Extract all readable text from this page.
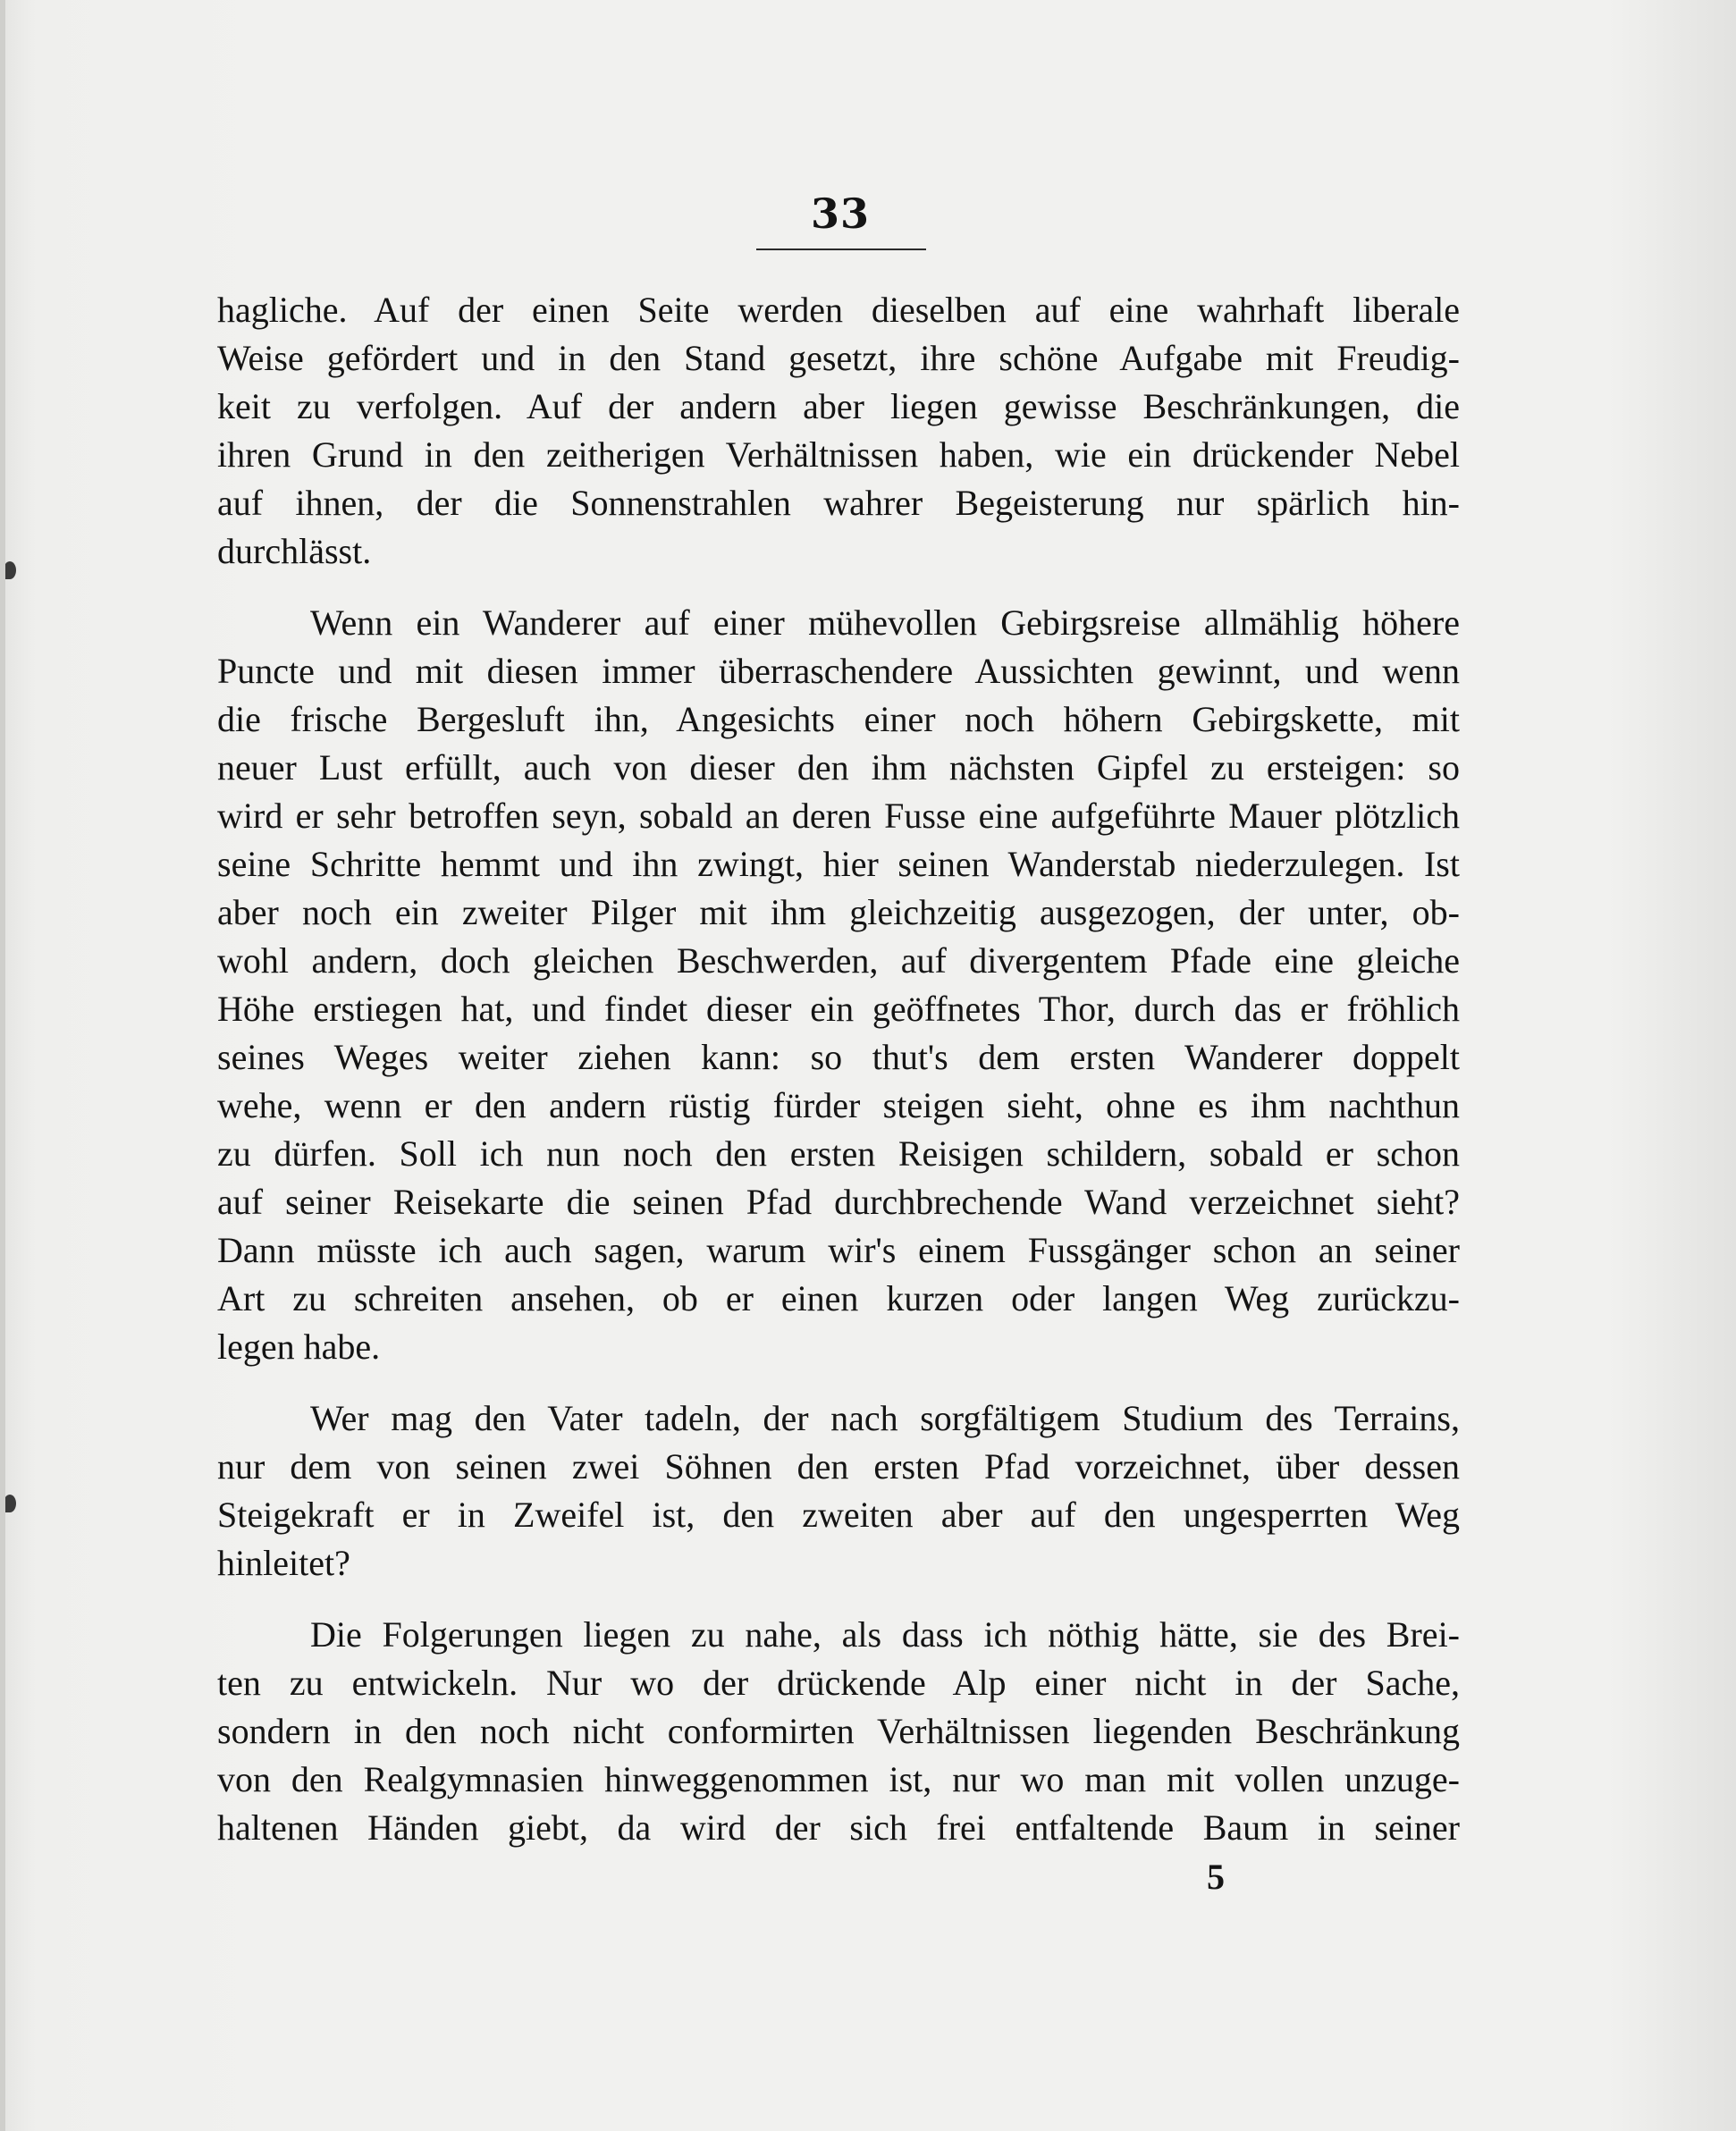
33
hagliche. Auf der einen Seite werden dieselben auf eine wahrhaft liberale
Weise gefördert und in den Stand gesetzt, ihre schöne Aufgabe mit Freudig-
keit zu verfolgen. Auf der andern aber liegen gewisse Beschränkungen, die
ihren Grund in den zeitherigen Verhältnissen haben, wie ein drückender Nebel
auf ihnen, der die Sonnenstrahlen wahrer Begeisterung nur spärlich hin-
durchlässt.
Wenn ein Wanderer auf einer mühevollen Gebirgsreise allmählig höhere
Puncte und mit diesen immer überraschendere Aussichten gewinnt, und wenn
die frische Bergesluft ihn, Angesichts einer noch höhern Gebirgskette, mit
neuer Lust erfüllt, auch von dieser den ihm nächsten Gipfel zu ersteigen: so
wird er sehr betroffen seyn, sobald an deren Fusse eine aufgeführte Mauer plötzlich
seine Schritte hemmt und ihn zwingt, hier seinen Wanderstab niederzulegen. Ist
aber noch ein zweiter Pilger mit ihm gleichzeitig ausgezogen, der unter, ob-
wohl andern, doch gleichen Beschwerden, auf divergentem Pfade eine gleiche
Höhe erstiegen hat, und findet dieser ein geöffnetes Thor, durch das er fröhlich
seines Weges weiter ziehen kann: so thut's dem ersten Wanderer doppelt
wehe, wenn er den andern rüstig fürder steigen sieht, ohne es ihm nachthun
zu dürfen. Soll ich nun noch den ersten Reisigen schildern, sobald er schon
auf seiner Reisekarte die seinen Pfad durchbrechende Wand verzeichnet sieht?
Dann müsste ich auch sagen, warum wir's einem Fussgänger schon an seiner
Art zu schreiten ansehen, ob er einen kurzen oder langen Weg zurückzu-
legen habe.
Wer mag den Vater tadeln, der nach sorgfältigem Studium des Terrains,
nur dem von seinen zwei Söhnen den ersten Pfad vorzeichnet, über dessen
Steigekraft er in Zweifel ist, den zweiten aber auf den ungesperrten Weg
hinleitet?
Die Folgerungen liegen zu nahe, als dass ich nöthig hätte, sie des Brei-
ten zu entwickeln. Nur wo der drückende Alp einer nicht in der Sache,
sondern in den noch nicht conformirten Verhältnissen liegenden Beschränkung
von den Realgymnasien hinweggenommen ist, nur wo man mit vollen unzuge-
haltenen Händen giebt, da wird der sich frei entfaltende Baum in seiner
5
